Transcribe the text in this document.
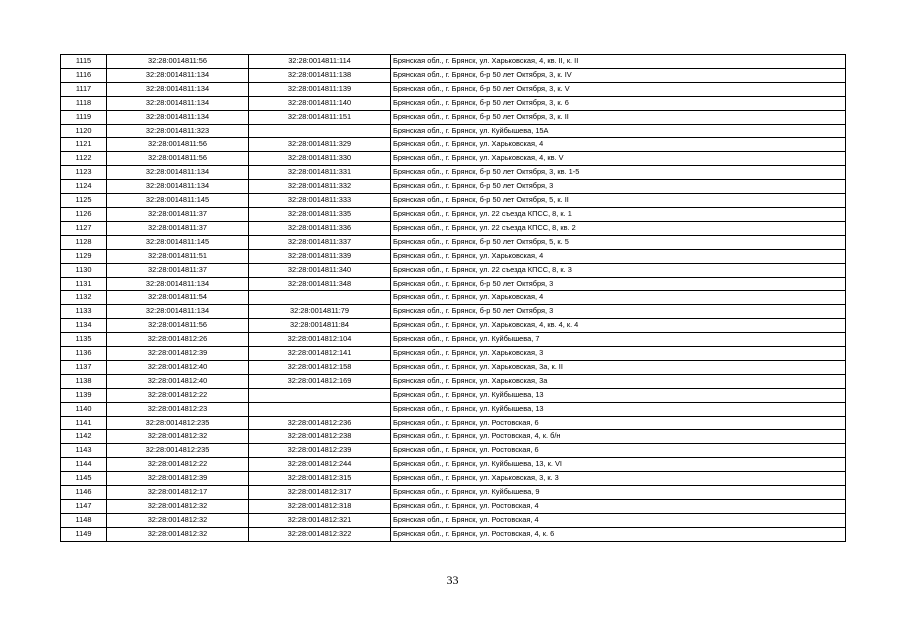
1115	32:28:0014811:56	32:28:0014811:114	Брянская обл., г. Брянск, ул. Харьковская, 4, кв. II, к. II
1116	32:28:0014811:134	32:28:0014811:138	Брянская обл., г. Брянск, б-р 50 лет Октября, 3, к. IV
1117	32:28:0014811:134	32:28:0014811:139	Брянская обл., г. Брянск, б-р 50 лет Октября, 3, к. V
1118	32:28:0014811:134	32:28:0014811:140	Брянская обл., г. Брянск, б-р 50 лет Октября, 3, к. 6
1119	32:28:0014811:134	32:28:0014811:151	Брянская обл., г. Брянск, б-р 50 лет Октября, 3, к. II
1120	32:28:0014811:323		Брянская обл., г. Брянск, ул. Куйбышева, 15А
1121	32:28:0014811:56	32:28:0014811:329	Брянская обл., г. Брянск, ул. Харьковская, 4
1122	32:28:0014811:56	32:28:0014811:330	Брянская обл., г. Брянск, ул. Харьковская, 4, кв. V
1123	32:28:0014811:134	32:28:0014811:331	Брянская обл., г. Брянск, б-р 50 лет Октября, 3, кв. 1-5
1124	32:28:0014811:134	32:28:0014811:332	Брянская обл., г. Брянск, б-р 50 лет Октября, 3
1125	32:28:0014811:145	32:28:0014811:333	Брянская обл., г. Брянск, б-р 50 лет Октября, 5, к. II
1126	32:28:0014811:37	32:28:0014811:335	Брянская обл., г. Брянск, ул. 22 съезда КПСС, 8, к. 1
1127	32:28:0014811:37	32:28:0014811:336	Брянская обл., г. Брянск, ул. 22 съезда КПСС, 8, кв. 2
1128	32:28:0014811:145	32:28:0014811:337	Брянская обл., г. Брянск, б-р 50 лет Октября, 5, к. 5
1129	32:28:0014811:51	32:28:0014811:339	Брянская обл., г. Брянск, ул. Харьковская, 4
1130	32:28:0014811:37	32:28:0014811:340	Брянская обл., г. Брянск, ул. 22 съезда КПСС, 8, к. 3
1131	32:28:0014811:134	32:28:0014811:348	Брянская обл., г. Брянск, б-р 50 лет Октября, 3
1132	32:28:0014811:54		Брянская обл., г. Брянск, ул. Харьковская, 4
1133	32:28:0014811:134	32:28:0014811:79	Брянская обл., г. Брянск, б-р 50 лет Октября, 3
1134	32:28:0014811:56	32:28:0014811:84	Брянская обл., г. Брянск, ул. Харьковская, 4, кв. 4, к. 4
1135	32:28:0014812:26	32:28:0014812:104	Брянская обл., г. Брянск, ул. Куйбышева, 7
1136	32:28:0014812:39	32:28:0014812:141	Брянская обл., г. Брянск, ул. Харьковская, 3
1137	32:28:0014812:40	32:28:0014812:158	Брянская обл., г. Брянск, ул. Харьковская, 3а, к. II
1138	32:28:0014812:40	32:28:0014812:169	Брянская обл., г. Брянск, ул. Харьковская, 3а
1139	32:28:0014812:22		Брянская обл., г. Брянск, ул. Куйбышева, 13
1140	32:28:0014812:23		Брянская обл., г. Брянск, ул. Куйбышева, 13
1141	32:28:0014812:235	32:28:0014812:236	Брянская обл., г. Брянск, ул. Ростовская, 6
1142	32:28:0014812:32	32:28:0014812:238	Брянская обл., г. Брянск, ул. Ростовская, 4, к. б/н
1143	32:28:0014812:235	32:28:0014812:239	Брянская обл., г. Брянск, ул. Ростовская, 6
1144	32:28:0014812:22	32:28:0014812:244	Брянская обл., г. Брянск, ул. Куйбышева, 13, к. VI
1145	32:28:0014812:39	32:28:0014812:315	Брянская обл., г. Брянск, ул. Харьковская, 3, к. 3
1146	32:28:0014812:17	32:28:0014812:317	Брянская обл., г. Брянск, ул. Куйбышева, 9
1147	32:28:0014812:32	32:28:0014812:318	Брянская обл., г. Брянск, ул. Ростовская, 4
1148	32:28:0014812:32	32:28:0014812:321	Брянская обл., г. Брянск, ул. Ростовская, 4
1149	32:28:0014812:32	32:28:0014812:322	Брянская обл., г. Брянск, ул. Ростовская, 4, к. 6
33
